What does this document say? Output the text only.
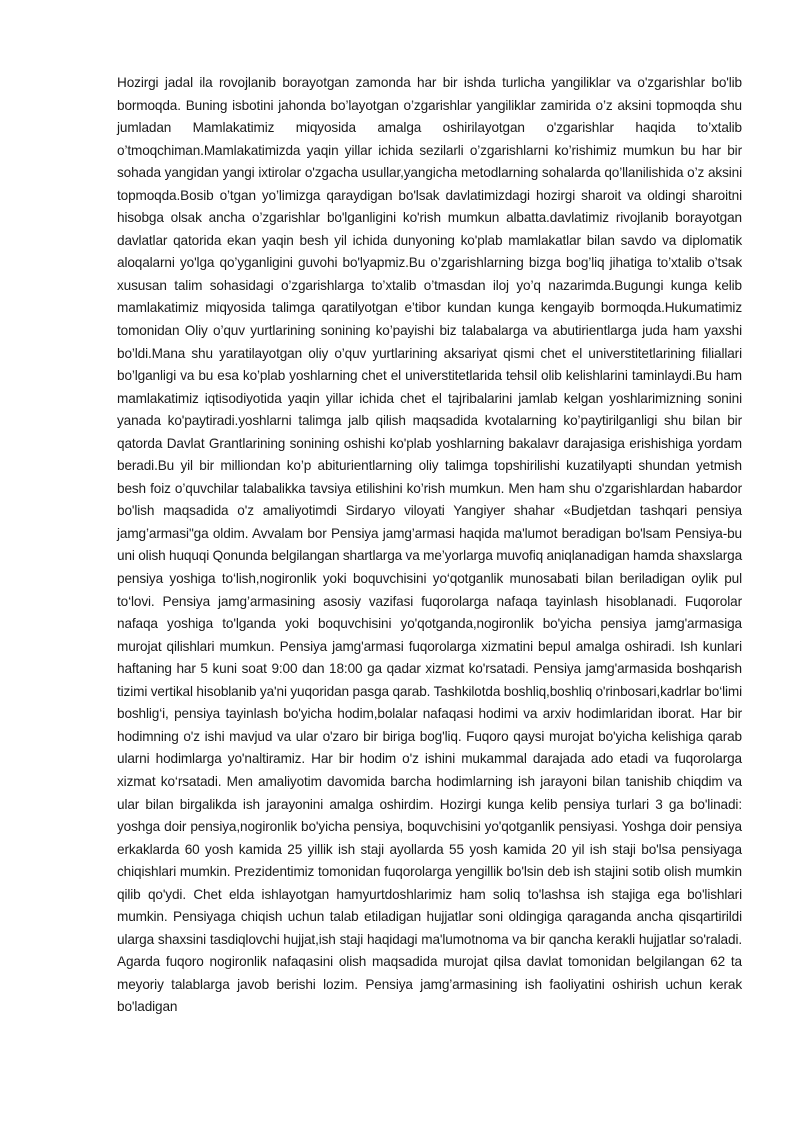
Hozirgi jadal ila rovojlanib borayotgan zamonda har bir ishda turlicha yangiliklar va o'zgarishlar bo'lib bormoqda. Buning isbotini jahonda bo’layotgan o’zgarishlar yangiliklar zamirida o’z aksini topmoqda shu jumladan Mamlakatimiz miqyosida amalga oshirilayotgan o'zgarishlar haqida to’xtalib o’tmoqchiman.Mamlakatimizda yaqin yillar ichida sezilarli o’zgarishlarni ko’rishimiz mumkun bu har bir sohada yangidan yangi ixtirolar o'zgacha usullar,yangicha metodlarning sohalarda qo’llanilishida o’z aksini topmoqda.Bosib o’tgan yo’limizga qaraydigan bo'lsak davlatimizdagi hozirgi sharoit va oldingi sharoitni hisobga olsak ancha o’zgarishlar bo'lganligini ko'rish mumkun albatta.davlatimiz rivojlanib borayotgan davlatlar qatorida ekan yaqin besh yil ichida dunyoning ko'plab mamlakatlar bilan savdo va diplomatik aloqalarni yo'lga qo’yganligini guvohi bo'lyapmiz.Bu o’zgarishlarning bizga bog’liq jihatiga to’xtalib o’tsak xususan talim sohasidagi o’zgarishlarga to’xtalib o’tmasdan iloj yo’q nazarimda.Bugungi kunga kelib mamlakatimiz miqyosida talimga qaratilyotgan e’tibor kundan kunga kengayib bormoqda.Hukumatimiz tomonidan Oliy o’quv yurtlarining sonining ko’payishi biz talabalarga va abutirientlarga juda ham yaxshi bo’ldi.Mana shu yaratilayotgan oliy o’quv yurtlarining aksariyat qismi chet el universtitetlarining filiallari bo’lganligi va bu esa ko’plab yoshlarning chet el universtitetlarida tehsil olib kelishlarini taminlaydi.Bu ham mamlakatimiz iqtisodiyotida yaqin yillar ichida chet el tajribalarini jamlab kelgan yoshlarimizning sonini yanada ko'paytiradi.yoshlarni talimga jalb qilish maqsadida kvotalarning ko’paytirilganligi shu bilan bir qatorda Davlat Grantlarining sonining oshishi ko'plab yoshlarning bakalavr darajasiga erishishiga yordam beradi.Bu yil bir milliondan ko’p abiturientlarning oliy talimga topshirilishi kuzatilyapti shundan yetmish besh foiz o’quvchilar talabalikka tavsiya etilishini ko’rish mumkun. Men ham shu o'zgarishlardan habardor bo'lish maqsadida o'z amaliyotimdi Sirdaryo viloyati Yangiyer shahar «Budjetdan tashqari pensiya jamg’armasi"ga oldim. Avvalam bor Pensiya jamg’armasi haqida ma'lumot beradigan bo'lsam Pensiya-bu uni olish huquqi Qonunda belgilangan shartlarga va me’yorlarga muvofiq aniqlanadigan hamda shaxslarga pensiya yoshiga to‘lish,nogironlik yoki boquvchisini yo‘qotganlik munosabati bilan beriladigan oylik pul to‘lovi. Pensiya jamg’armasining asosiy vazifasi fuqorolarga nafaqa tayinlash hisoblanadi. Fuqorolar nafaqa yoshiga to'lganda yoki boquvchisini yo'qotganda,nogironlik bo'yicha pensiya jamg'armasiga murojat qilishlari mumkun. Pensiya jamg'armasi fuqorolarga xizmatini bepul amalga oshiradi. Ish kunlari haftaning har 5 kuni soat 9:00 dan 18:00 ga qadar xizmat ko'rsatadi. Pensiya jamg'armasida boshqarish tizimi vertikal hisoblanib ya'ni yuqoridan pasga qarab. Tashkilotda boshliq,boshliq o'rinbosari,kadrlar bo‘limi boshlig‘i, pensiya tayinlash bo'yicha hodim,bolalar nafaqasi hodimi va arxiv hodimlaridan iborat. Har bir hodimning o'z ishi mavjud va ular o'zaro bir biriga bog'liq. Fuqoro qaysi murojat bo'yicha kelishiga qarab ularni hodimlarga yo'naltiramiz. Har bir hodim o'z ishini mukammal darajada ado etadi va fuqorolarga xizmat ko‘rsatadi. Men amaliyotim davomida barcha hodimlarning ish jarayoni bilan tanishib chiqdim va ular bilan birgalikda ish jarayonini amalga oshirdim. Hozirgi kunga kelib pensiya turlari 3 ga bo'linadi: yoshga doir pensiya,nogironlik bo'yicha pensiya, boquvchisini yo'qotganlik pensiyasi. Yoshga doir pensiya erkaklarda 60 yosh kamida 25 yillik ish staji ayollarda 55 yosh kamida 20 yil ish staji bo'lsa pensiyaga chiqishlari mumkin. Prezidentimiz tomonidan fuqorolarga yengillik bo'lsin deb ish stajini sotib olish mumkin qilib qo'ydi. Chet elda ishlayotgan hamyurtdoshlarimiz ham soliq to'lashsa ish stajiga ega bo'lishlari mumkin. Pensiyaga chiqish uchun talab etiladigan hujjatlar soni oldingiga qaraganda ancha qisqartirildi ularga shaxsini tasdiqlovchi hujjat,ish staji haqidagi ma'lumotnoma va bir qancha kerakli hujjatlar so'raladi. Agarda fuqoro nogironlik nafaqasini olish maqsadida murojat qilsa davlat tomonidan belgilangan 62 ta meyoriy talablarga javob berishi lozim. Pensiya jamg’armasining ish faoliyatini oshirish uchun kerak bo'ladigan
